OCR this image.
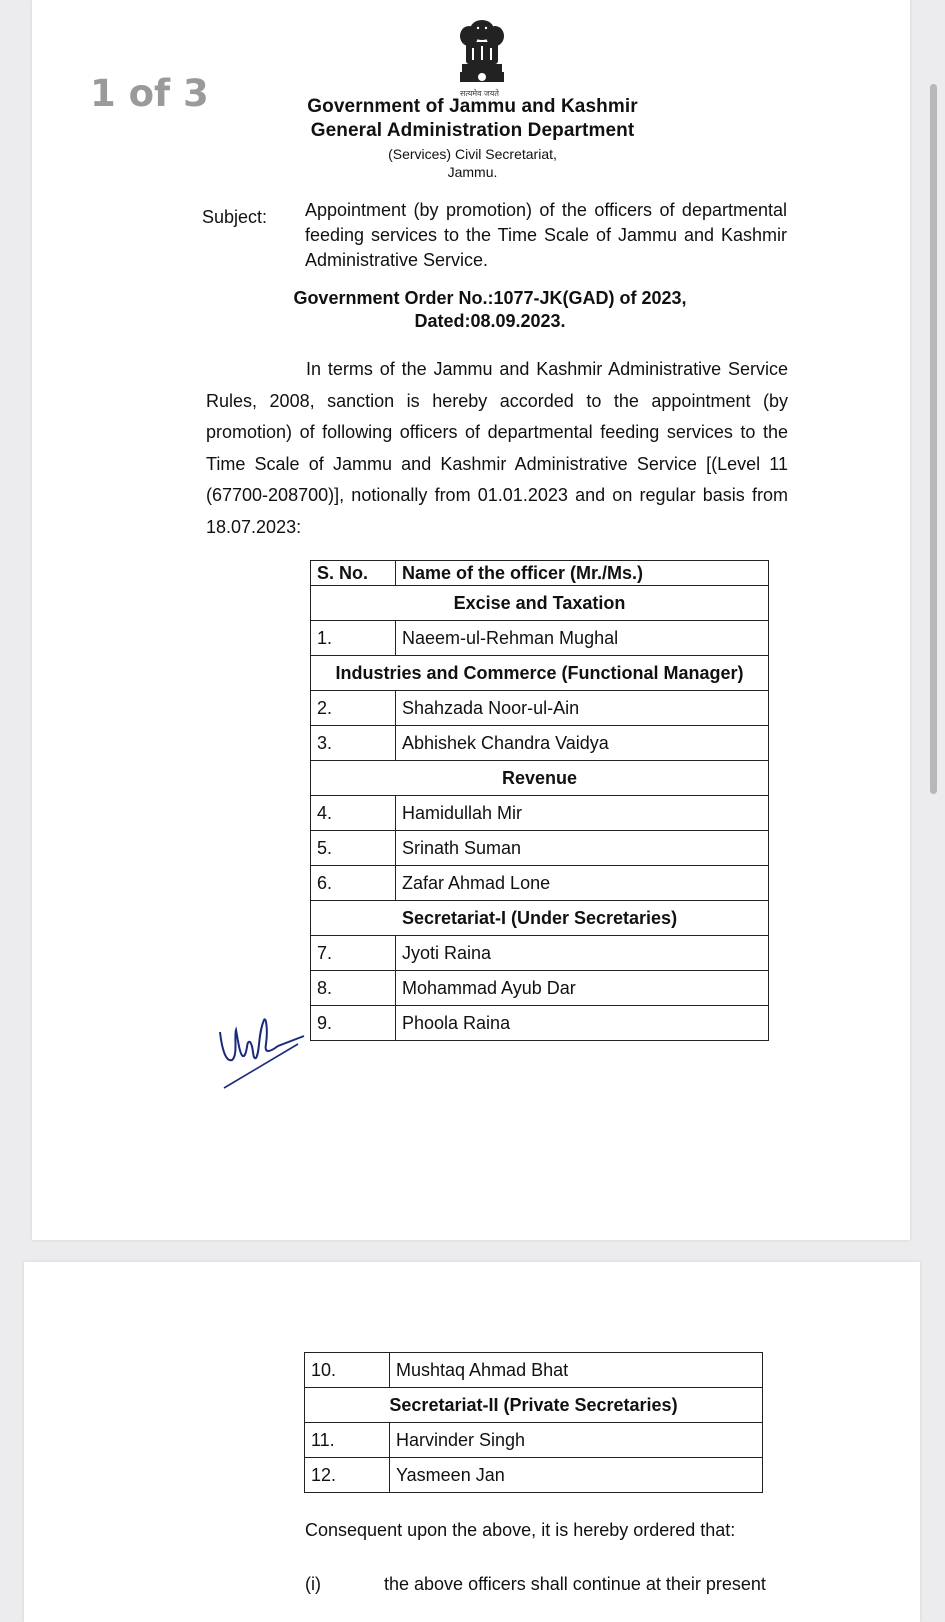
1 of 3	सत्यमेव जयते
Government of Jammu and Kashmir
General Administration Department
(Services) Civil Secretariat,
Jammu.
Subject: Appointment (by promotion) of the officers of departmental feeding services to the Time Scale of Jammu and Kashmir Administrative Service.
Government Order No.:1077-JK(GAD) of 2023,
Dated:08.09.2023.
In terms of the Jammu and Kashmir Administrative Service Rules, 2008, sanction is hereby accorded to the appointment (by promotion) of following officers of departmental feeding services to the Time Scale of Jammu and Kashmir Administrative Service [(Level 11 (67700-208700)], notionally from 01.01.2023 and on regular basis from 18.07.2023:
S. No.	Name of the officer (Mr./Ms.)
Excise and Taxation	
1.	Naeem-ul-Rehman Mughal
Industries and Commerce (Functional Manager)	
2.	Shahzada Noor-ul-Ain
3.	Abhishek Chandra Vaidya
Revenue	
4.	Hamidullah Mir
5.	Srinath Suman
6.	Zafar Ahmad Lone
Secretariat-I (Under Secretaries)	
7.	Jyoti Raina
8.	Mohammad Ayub Dar
9.	Phoola Raina
10.	Mushtaq Ahmad Bhat
Secretariat-II (Private Secretaries)	
11.	Harvinder Singh
12.	Yasmeen Jan
Consequent upon the above, it is hereby ordered that:
(i)	the above officers shall continue at their present
